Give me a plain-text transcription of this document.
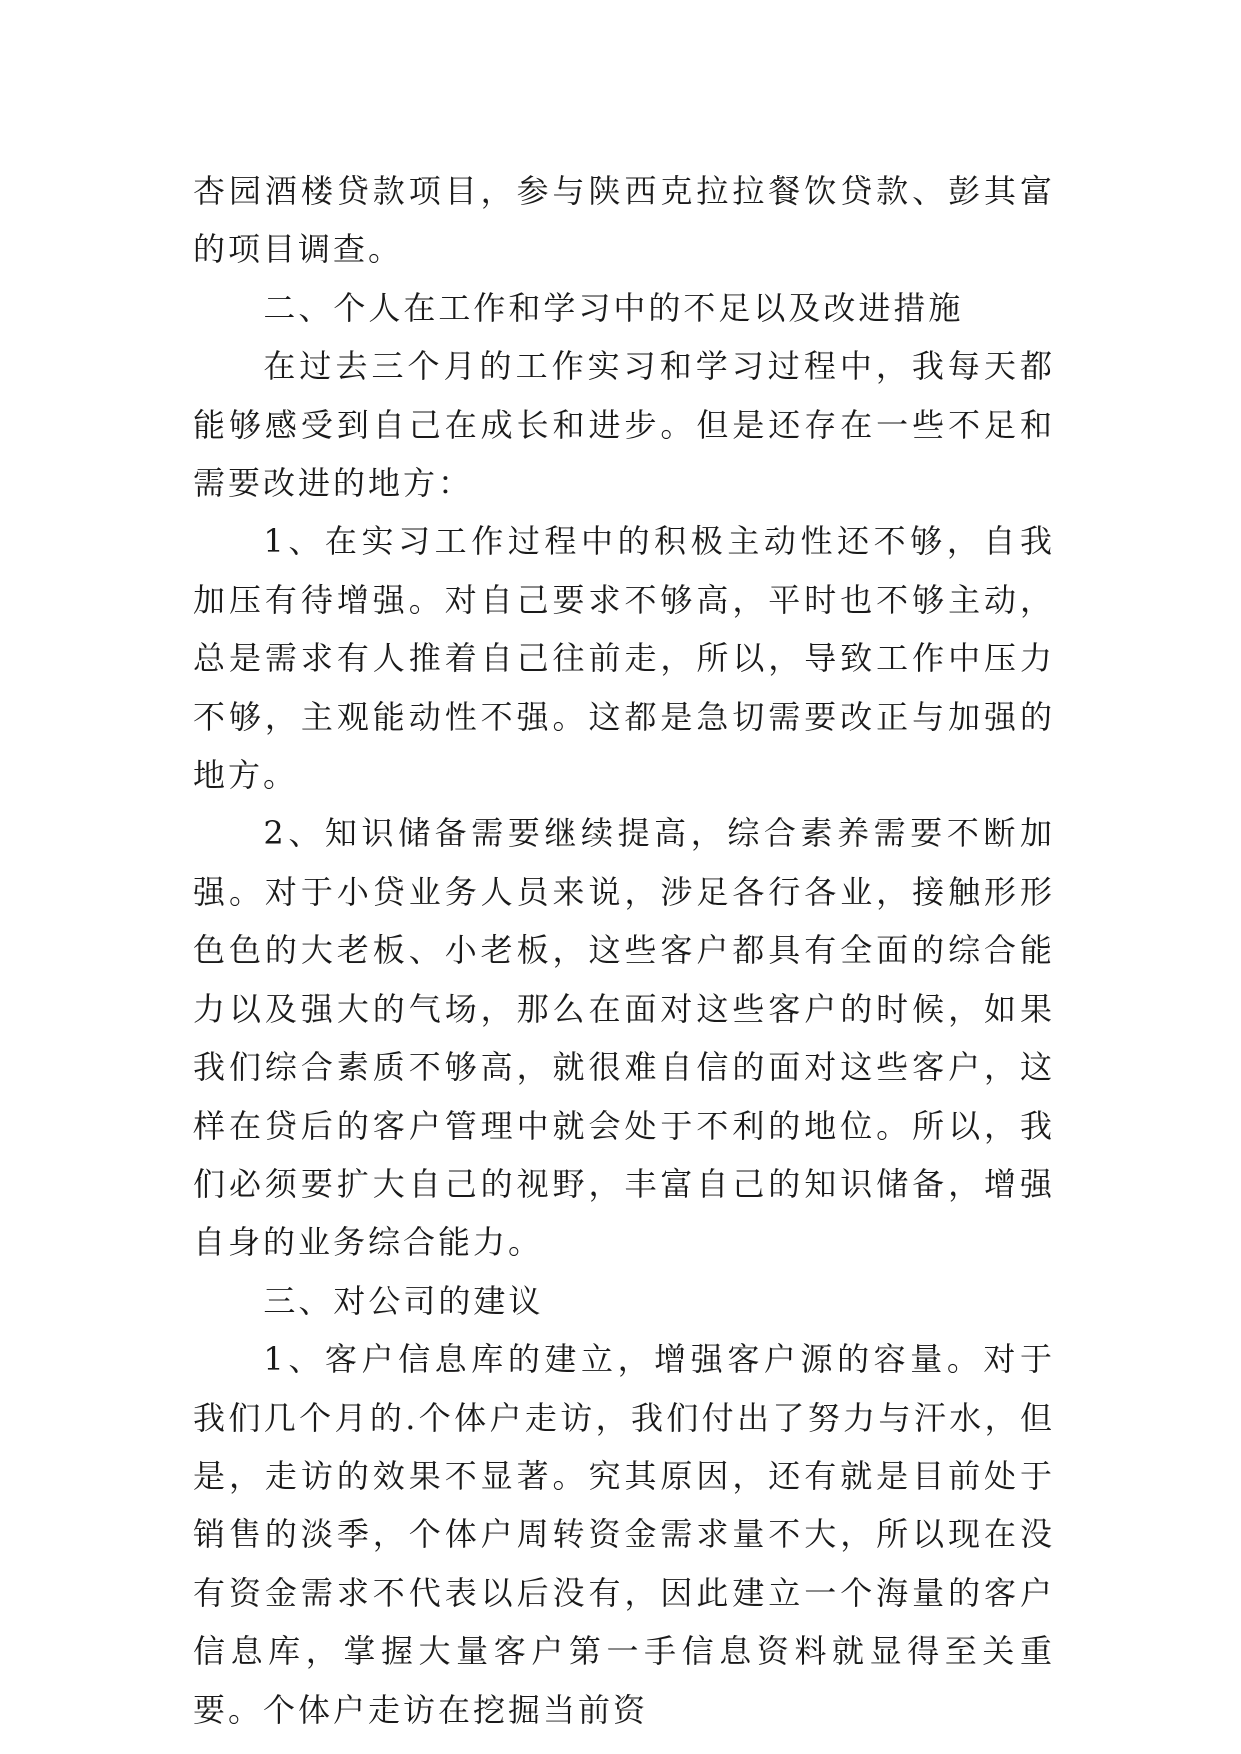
杏园酒楼贷款项目，参与陕西克拉拉餐饮贷款、彭其富的项目调查。

二、个人在工作和学习中的不足以及改进措施

在过去三个月的工作实习和学习过程中，我每天都能够感受到自己在成长和进步。但是还存在一些不足和需要改进的地方：

1、在实习工作过程中的积极主动性还不够，自我加压有待增强。对自己要求不够高，平时也不够主动，总是需求有人推着自己往前走，所以，导致工作中压力不够，主观能动性不强。这都是急切需要改正与加强的地方。

2、知识储备需要继续提高，综合素养需要不断加强。对于小贷业务人员来说，涉足各行各业，接触形形色色的大老板、小老板，这些客户都具有全面的综合能力以及强大的气场，那么在面对这些客户的时候，如果我们综合素质不够高，就很难自信的面对这些客户，这样在贷后的客户管理中就会处于不利的地位。所以，我们必须要扩大自己的视野，丰富自己的知识储备，增强自身的业务综合能力。

三、对公司的建议

1、客户信息库的建立，增强客户源的容量。对于我们几个月的.个体户走访，我们付出了努力与汗水，但是，走访的效果不显著。究其原因，还有就是目前处于销售的淡季，个体户周转资金需求量不大，所以现在没有资金需求不代表以后没有，因此建立一个海量的客户信息库，掌握大量客户第一手信息资料就显得至关重要。个体户走访在挖掘当前资
